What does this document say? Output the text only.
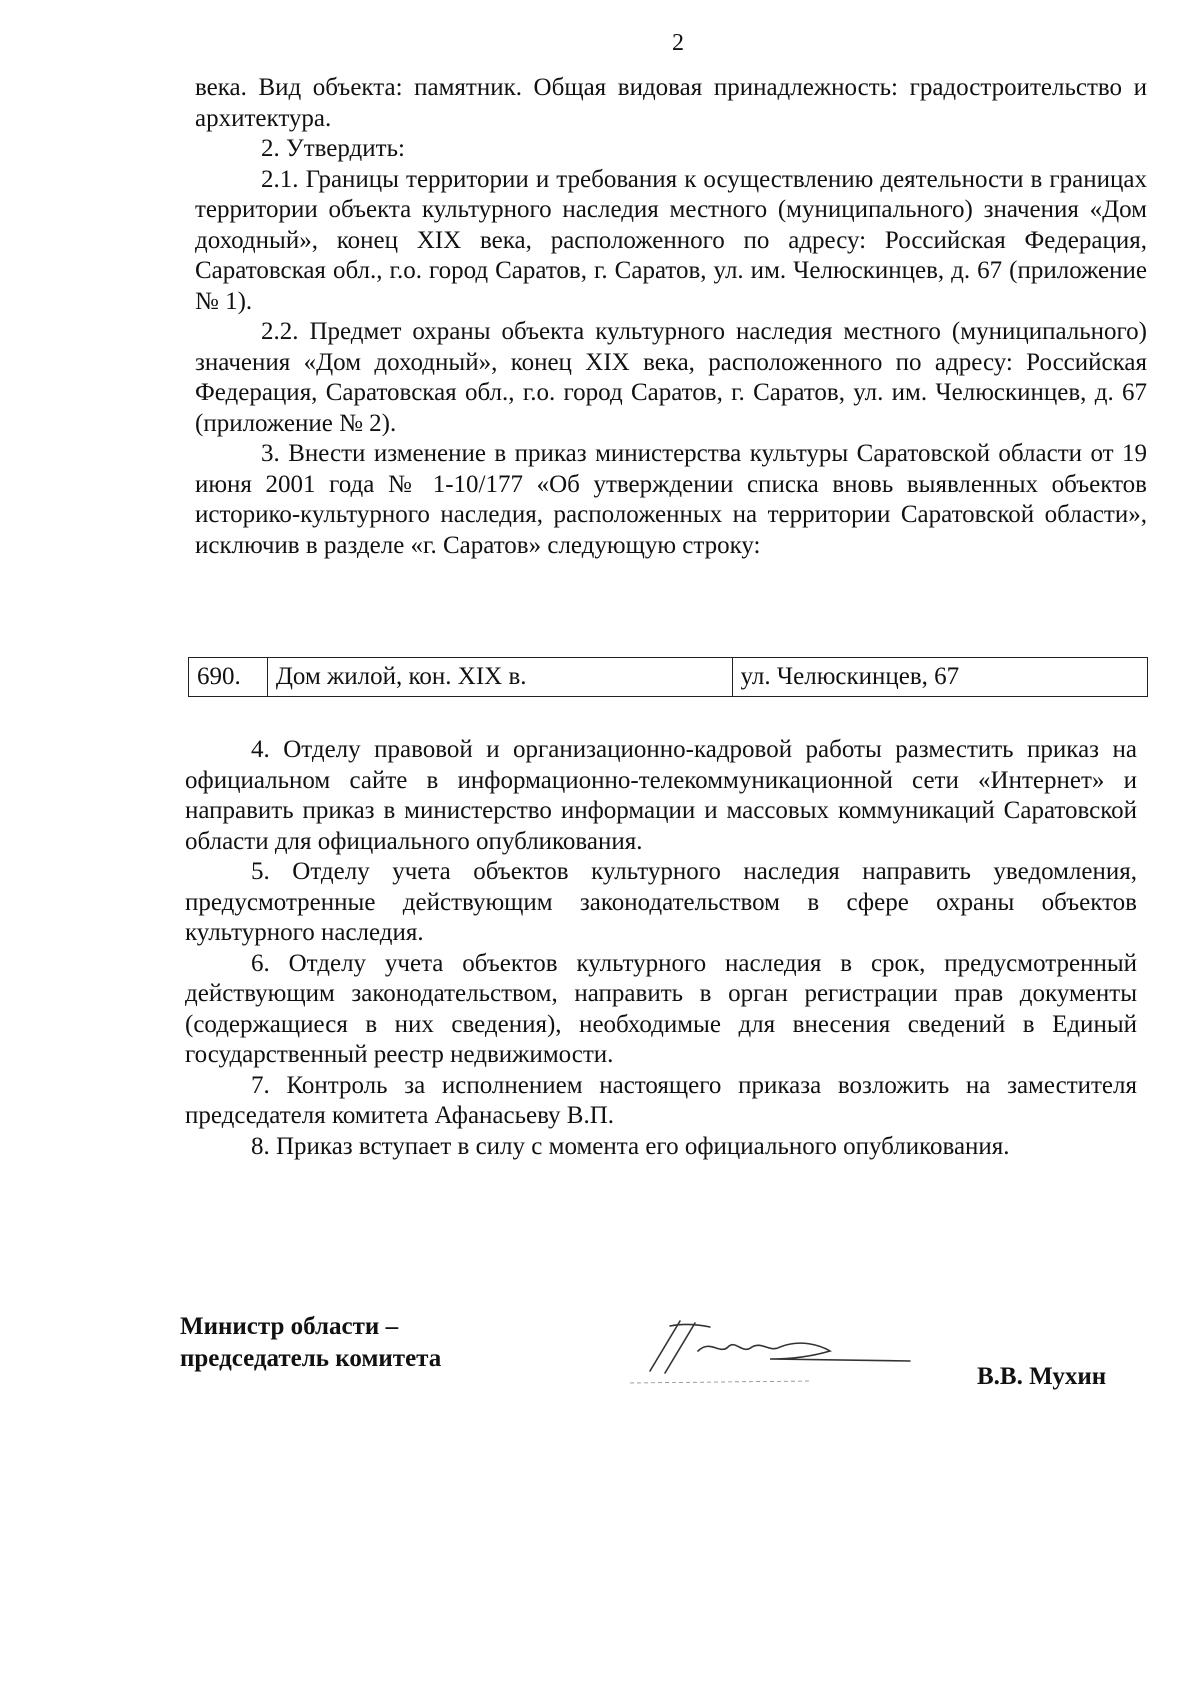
2

века. Вид объекта: памятник. Общая видовая принадлежность: градостроительство и архитектура.

2. Утвердить:

2.1. Границы территории и требования к осуществлению деятельности в границах территории объекта культурного наследия местного (муниципального) значения «Дом доходный», конец XIX века, расположенного по адресу: Российская Федерация, Саратовская обл., г.о. город Саратов, г. Саратов, ул. им. Челюскинцев, д. 67 (приложение № 1).

2.2. Предмет охраны объекта культурного наследия местного (муниципального) значения «Дом доходный», конец XIX века, расположенного по адресу: Российская Федерация, Саратовская обл., г.о. город Саратов, г. Саратов, ул. им. Челюскинцев, д. 67 (приложение № 2).

3. Внести изменение в приказ министерства культуры Саратовской области от 19 июня 2001 года № 1-10/177 «Об утверждении списка вновь выявленных объектов историко-культурного наследия, расположенных на территории Саратовской области», исключив в разделе «г. Саратов» следующую строку:

690.	Дом жилой, кон. XIX в.	ул. Челюскинцев, 67

4. Отделу правовой и организационно-кадровой работы разместить приказ на официальном сайте в информационно-телекоммуникационной сети «Интернет» и направить приказ в министерство информации и массовых коммуникаций Саратовской области для официального опубликования.

5. Отделу учета объектов культурного наследия направить уведомления, предусмотренные действующим законодательством в сфере охраны объектов культурного наследия.

6. Отделу учета объектов культурного наследия в срок, предусмотренный действующим законодательством, направить в орган регистрации прав документы (содержащиеся в них сведения), необходимые для внесения сведений в Единый государственный реестр недвижимости.

7. Контроль за исполнением настоящего приказа возложить на заместителя председателя комитета Афанасьеву В.П.

8. Приказ вступает в силу с момента его официального опубликования.

Министр области –
председатель комитета
В.В. Мухин
